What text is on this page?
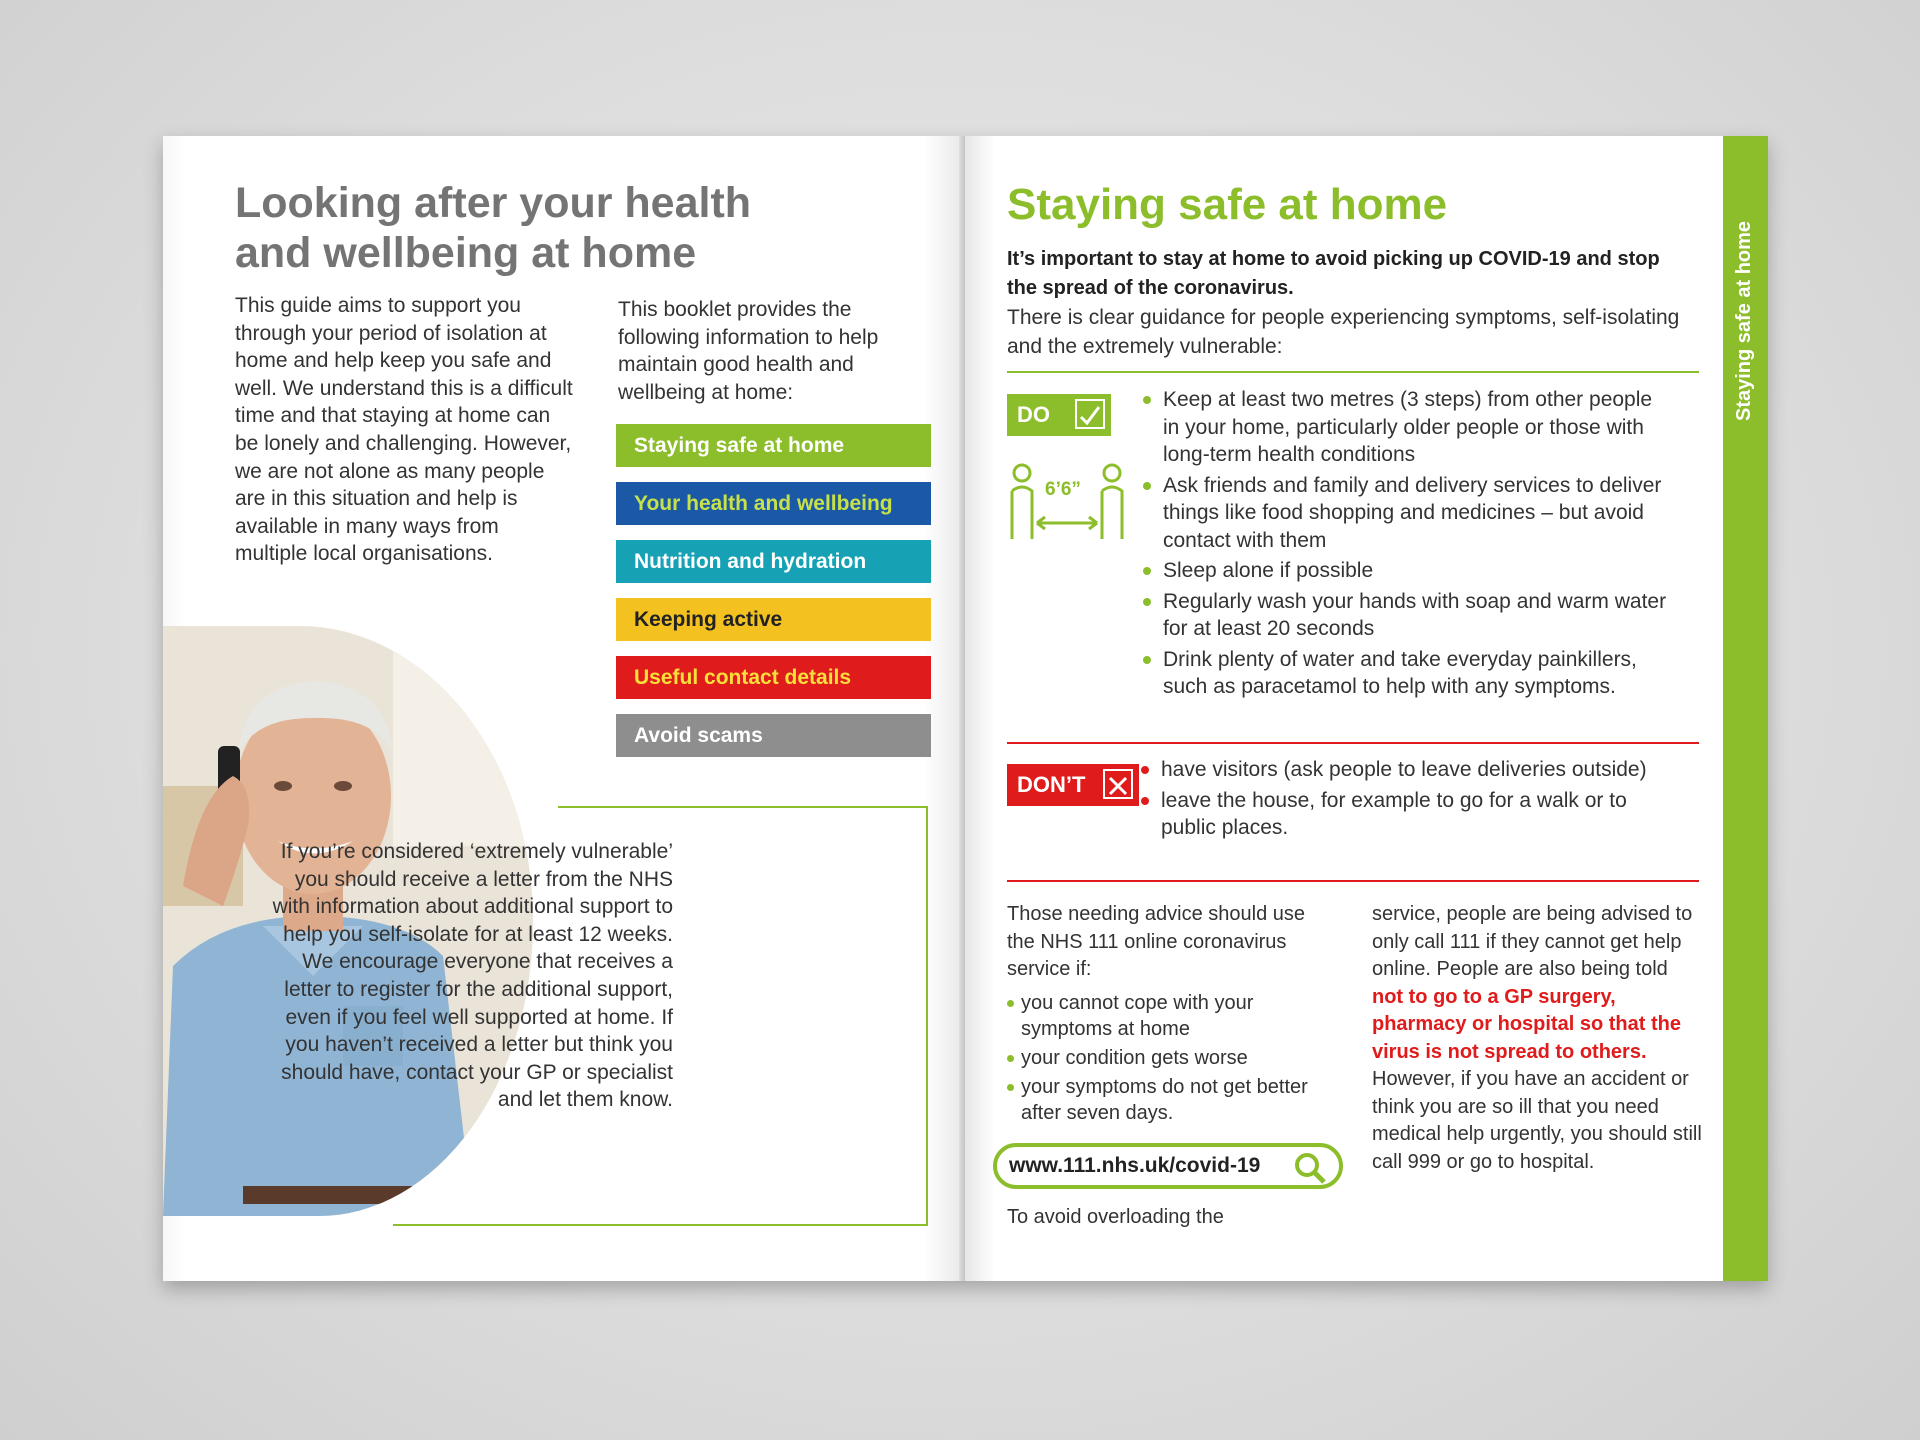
Looking after your health
and wellbeing at home

This guide aims to support you through your period of isolation at home and help keep you safe and well. We understand this is a difficult time and that staying at home can be lonely and challenging. However, we are not alone as many people are in this situation and help is available in many ways from multiple local organisations.

This booklet provides the following information to help maintain good health and wellbeing at home:

Staying safe at home
Your health and wellbeing
Nutrition and hydration
Keeping active
Useful contact details
Avoid scams

If you’re considered ‘extremely vulnerable’ you should receive a letter from the NHS with information about additional support to help you self-isolate for at least 12 weeks. We encourage everyone that receives a letter to register for the additional support, even if you feel well supported at home. If you haven’t received a letter but think you should have, contact your GP or specialist and let them know.

Staying safe at home

It’s important to stay at home to avoid picking up COVID-19 and stop the spread of the coronavirus.

There is clear guidance for people experiencing symptoms, self-isolating and the extremely vulnerable:

DO
6’6”
Keep at least two metres (3 steps) from other people in your home, particularly older people or those with long-term health conditions
Ask friends and family and delivery services to deliver things like food shopping and medicines – but avoid contact with them
Sleep alone if possible
Regularly wash your hands with soap and warm water for at least 20 seconds
Drink plenty of water and take everyday painkillers, such as paracetamol to help with any symptoms.
DON’T
have visitors (ask people to leave deliveries outside)
leave the house, for example to go for a walk or to public places.

Those needing advice should use the NHS 111 online coronavirus service if:

you cannot cope with your symptoms at home
your condition gets worse
your symptoms do not get better after seven days.
www.111.nhs.uk/covid-19

To avoid overloading the

service, people are being advised to only call 111 if they cannot get help online. People are also being told not to go to a GP surgery, pharmacy or hospital so that the virus is not spread to others. However, if you have an accident or think you are so ill that you need medical help urgently, you should still call 999 or go to hospital.

Staying safe at home
